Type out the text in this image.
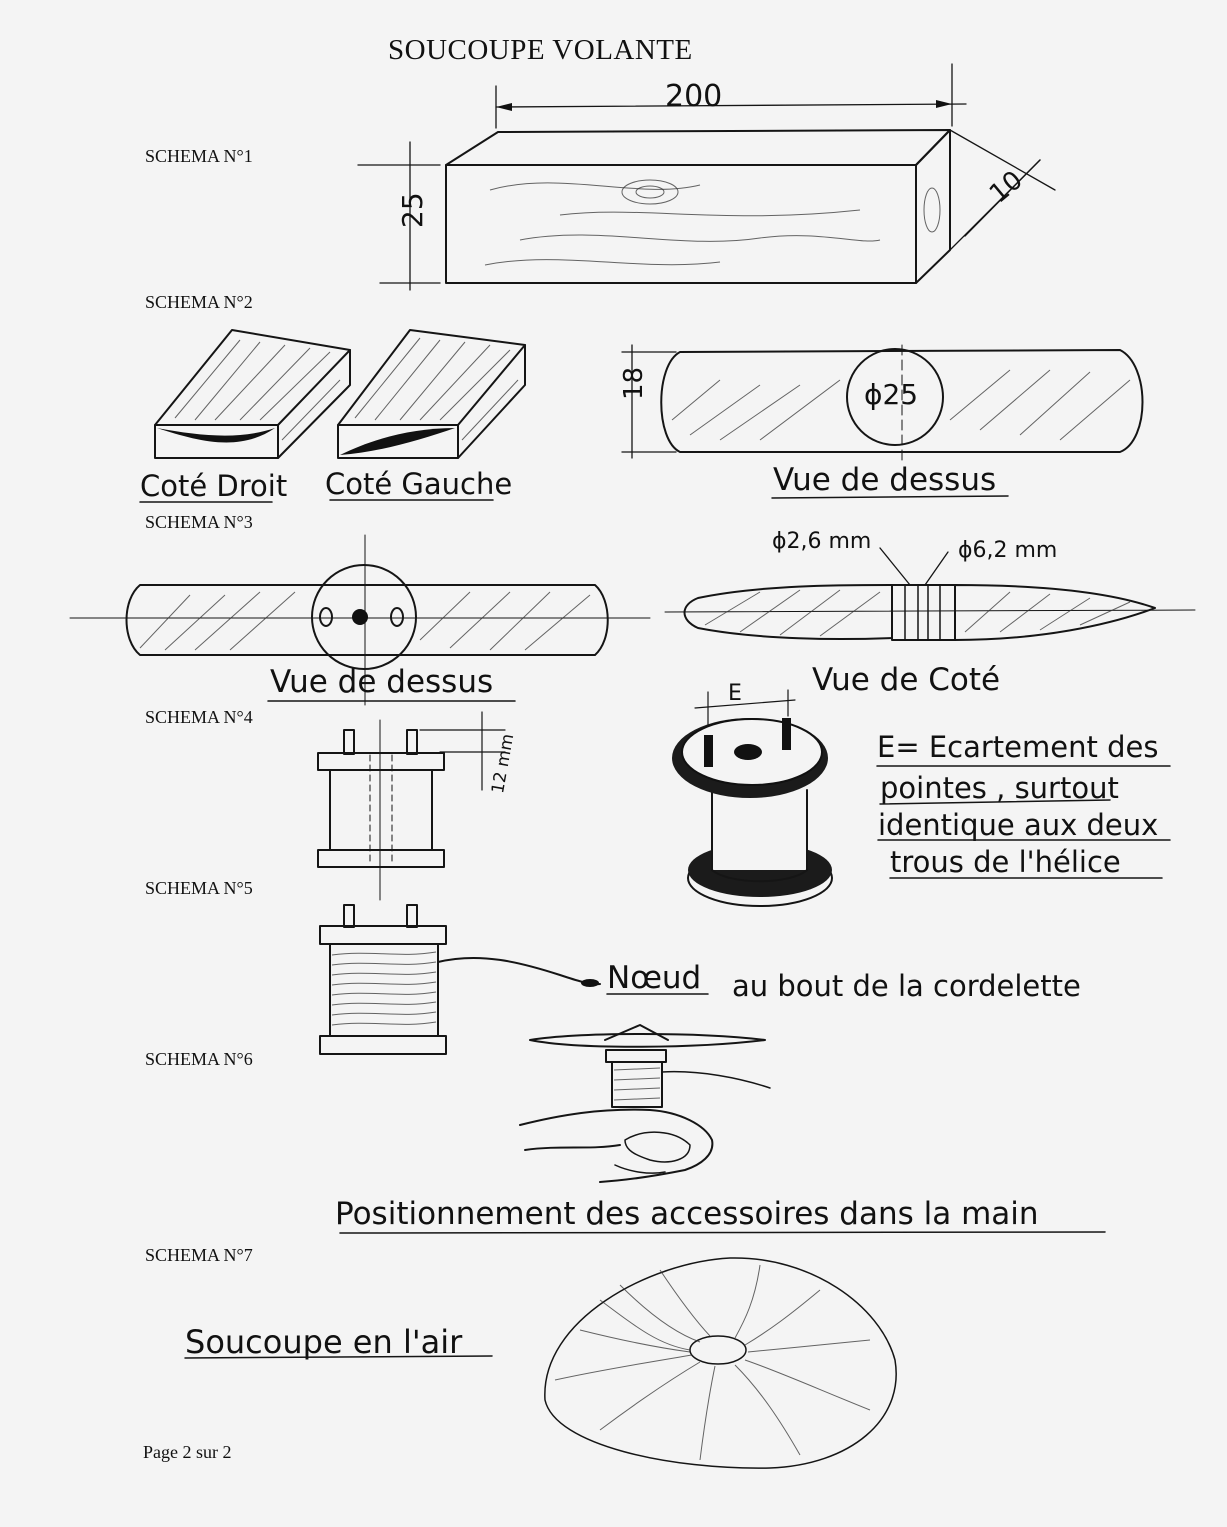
SOUCOUPE VOLANTE
SCHEMA N°1
SCHEMA N°2
SCHEMA N°3
SCHEMA N°4
SCHEMA N°5
SCHEMA N°6
SCHEMA N°7
Page 2 sur 2
200
25
10
Coté Droit Coté Gauche
ϕ25
18
Vue de dessus
Vue de dessus
ϕ2,6 mm	ϕ6,2 mm
Vue de Coté
12 mm
E
E= Ecartement des
pointes , surtout
identique aux deux
trous de l'hélice
Nœud au bout de la cordelette
Positionnement des accessoires dans la main
Soucoupe en l'air
